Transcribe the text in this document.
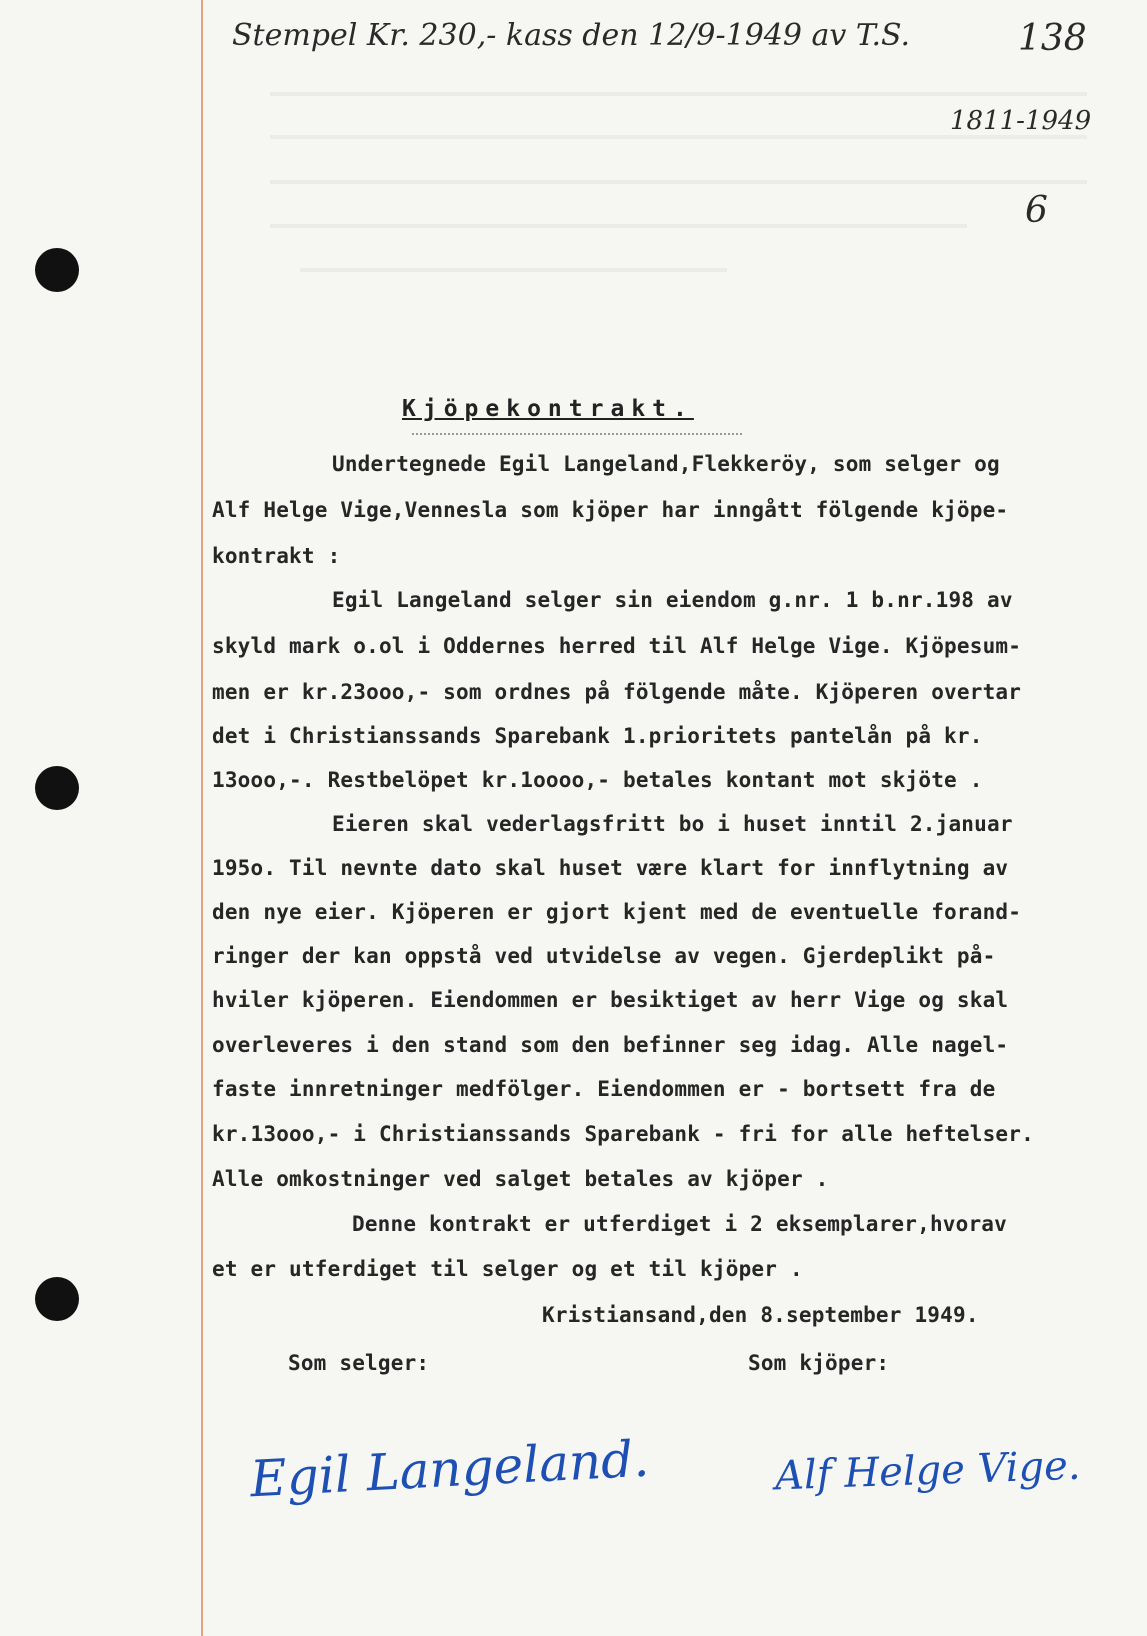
Stempel Kr. 230,- kass den 12/9-1949 av T.S.	138
1811-1949
6
Kjöpekontrakt.
Undertegnede Egil Langeland,Flekkeröy, som selger og
Alf Helge Vige,Vennesla som kjöper har inngått fölgende kjöpe-
kontrakt :
Egil Langeland selger sin eiendom g.nr. 1 b.nr.198 av
skyld mark o.ol i Oddernes herred til Alf Helge Vige. Kjöpesum-
men er kr.23ooo,- som ordnes på fölgende måte. Kjöperen overtar
det i Christianssands Sparebank 1.prioritets pantelån på kr.
13ooo,-. Restbelöpet kr.1oooo,- betales kontant mot skjöte .
Eieren skal vederlagsfritt bo i huset inntil 2.januar
195o. Til nevnte dato skal huset være klart for innflytning av
den nye eier. Kjöperen er gjort kjent med de eventuelle forand-
ringer der kan oppstå ved utvidelse av vegen. Gjerdeplikt på-
hviler kjöperen. Eiendommen er besiktiget av herr Vige og skal
overleveres i den stand som den befinner seg idag. Alle nagel-
faste innretninger medfölger. Eiendommen er - bortsett fra de
kr.13ooo,- i Christianssands Sparebank - fri for alle heftelser.
Alle omkostninger ved salget betales av kjöper .
Denne kontrakt er utferdiget i 2 eksemplarer,hvorav
et er utferdiget til selger og et til kjöper .
Kristiansand,den 8.september 1949.
Som selger:	Som kjöper:
Egil Langeland.	Alf Helge Vige.
